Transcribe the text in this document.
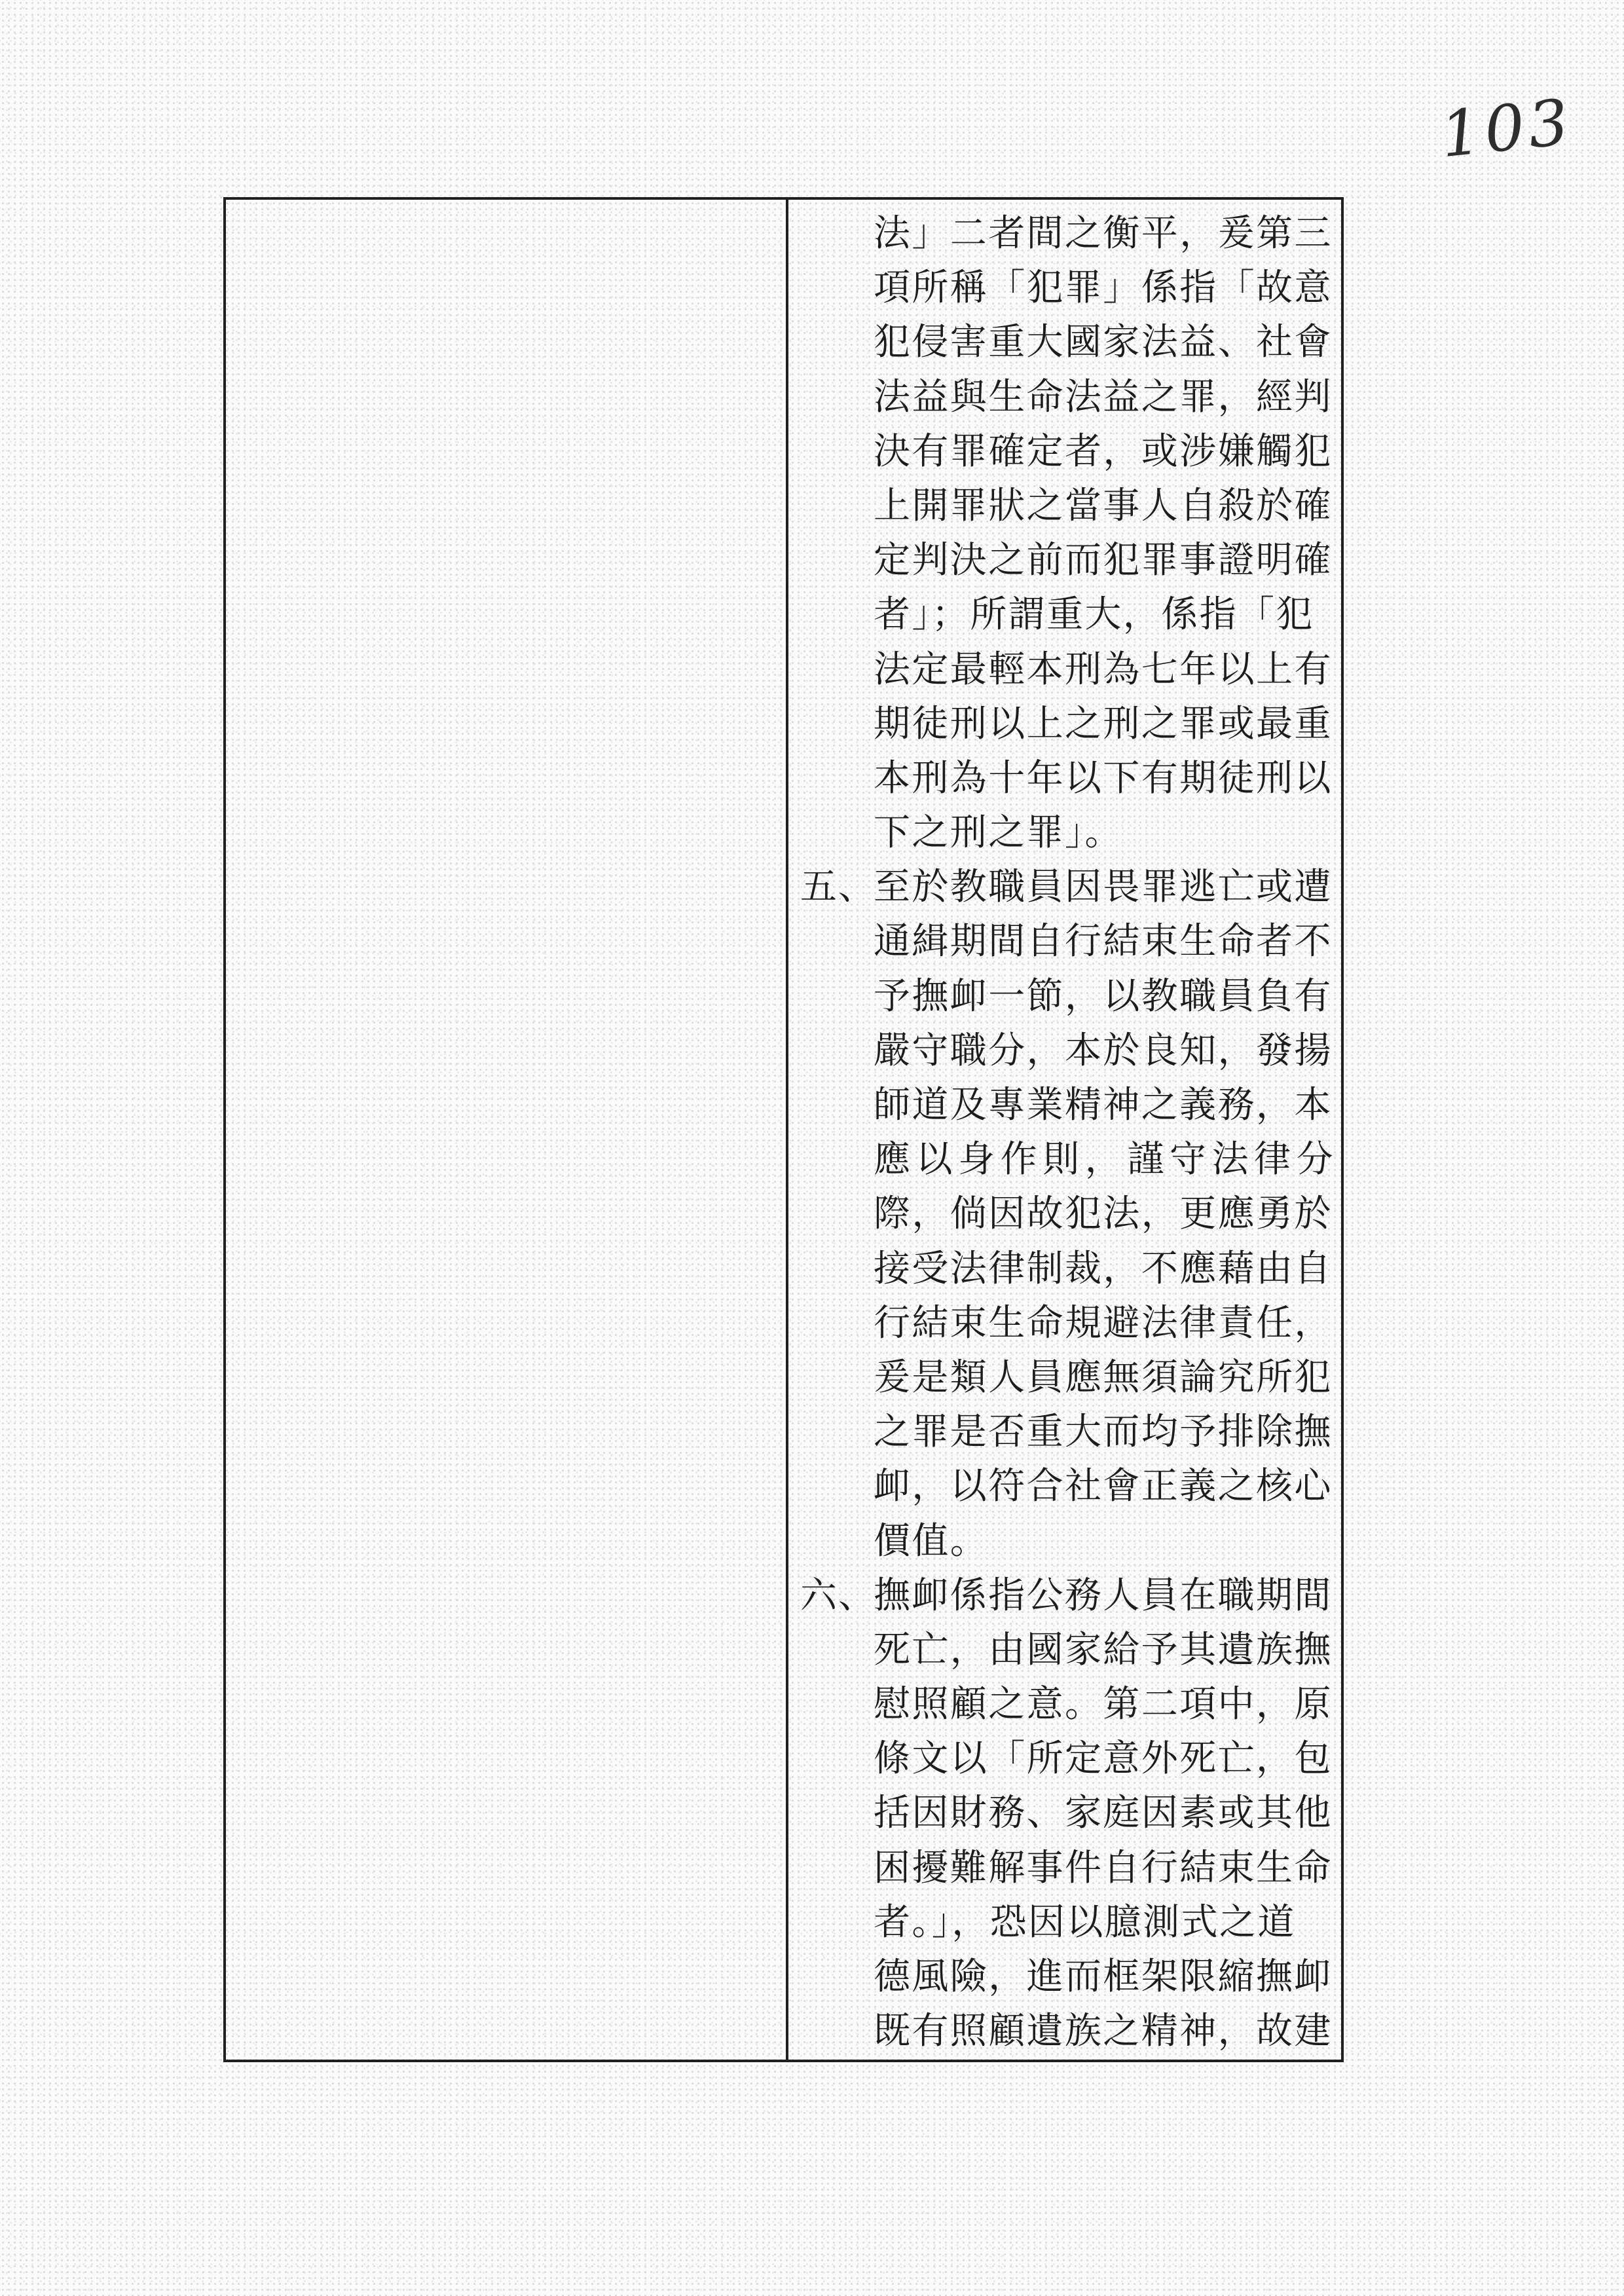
103
法」二者間之衡平，爰第三
項所稱「犯罪」係指「故意
犯侵害重大國家法益、社會
法益與生命法益之罪，經判
決有罪確定者，或涉嫌觸犯
上開罪狀之當事人自殺於確
定判決之前而犯罪事證明確
者」；所謂重大，係指「犯
法定最輕本刑為七年以上有
期徒刑以上之刑之罪或最重
本刑為十年以下有期徒刑以
下之刑之罪」。
五、
至於教職員因畏罪逃亡或遭
通緝期間自行結束生命者不
予撫卹一節，以教職員負有
嚴守職分，本於良知，發揚
師道及專業精神之義務，本
應以身作則，謹守法律分
際，倘因故犯法，更應勇於
接受法律制裁，不應藉由自
行結束生命規避法律責任，
爰是類人員應無須論究所犯
之罪是否重大而均予排除撫
卹，以符合社會正義之核心
價值。
六、
撫卹係指公務人員在職期間
死亡，由國家給予其遺族撫
慰照顧之意。第二項中，原
條文以「所定意外死亡，包
括因財務、家庭因素或其他
困擾難解事件自行結束生命
者。」，恐因以臆測式之道
德風險，進而框架限縮撫卹
既有照顧遺族之精神，故建
